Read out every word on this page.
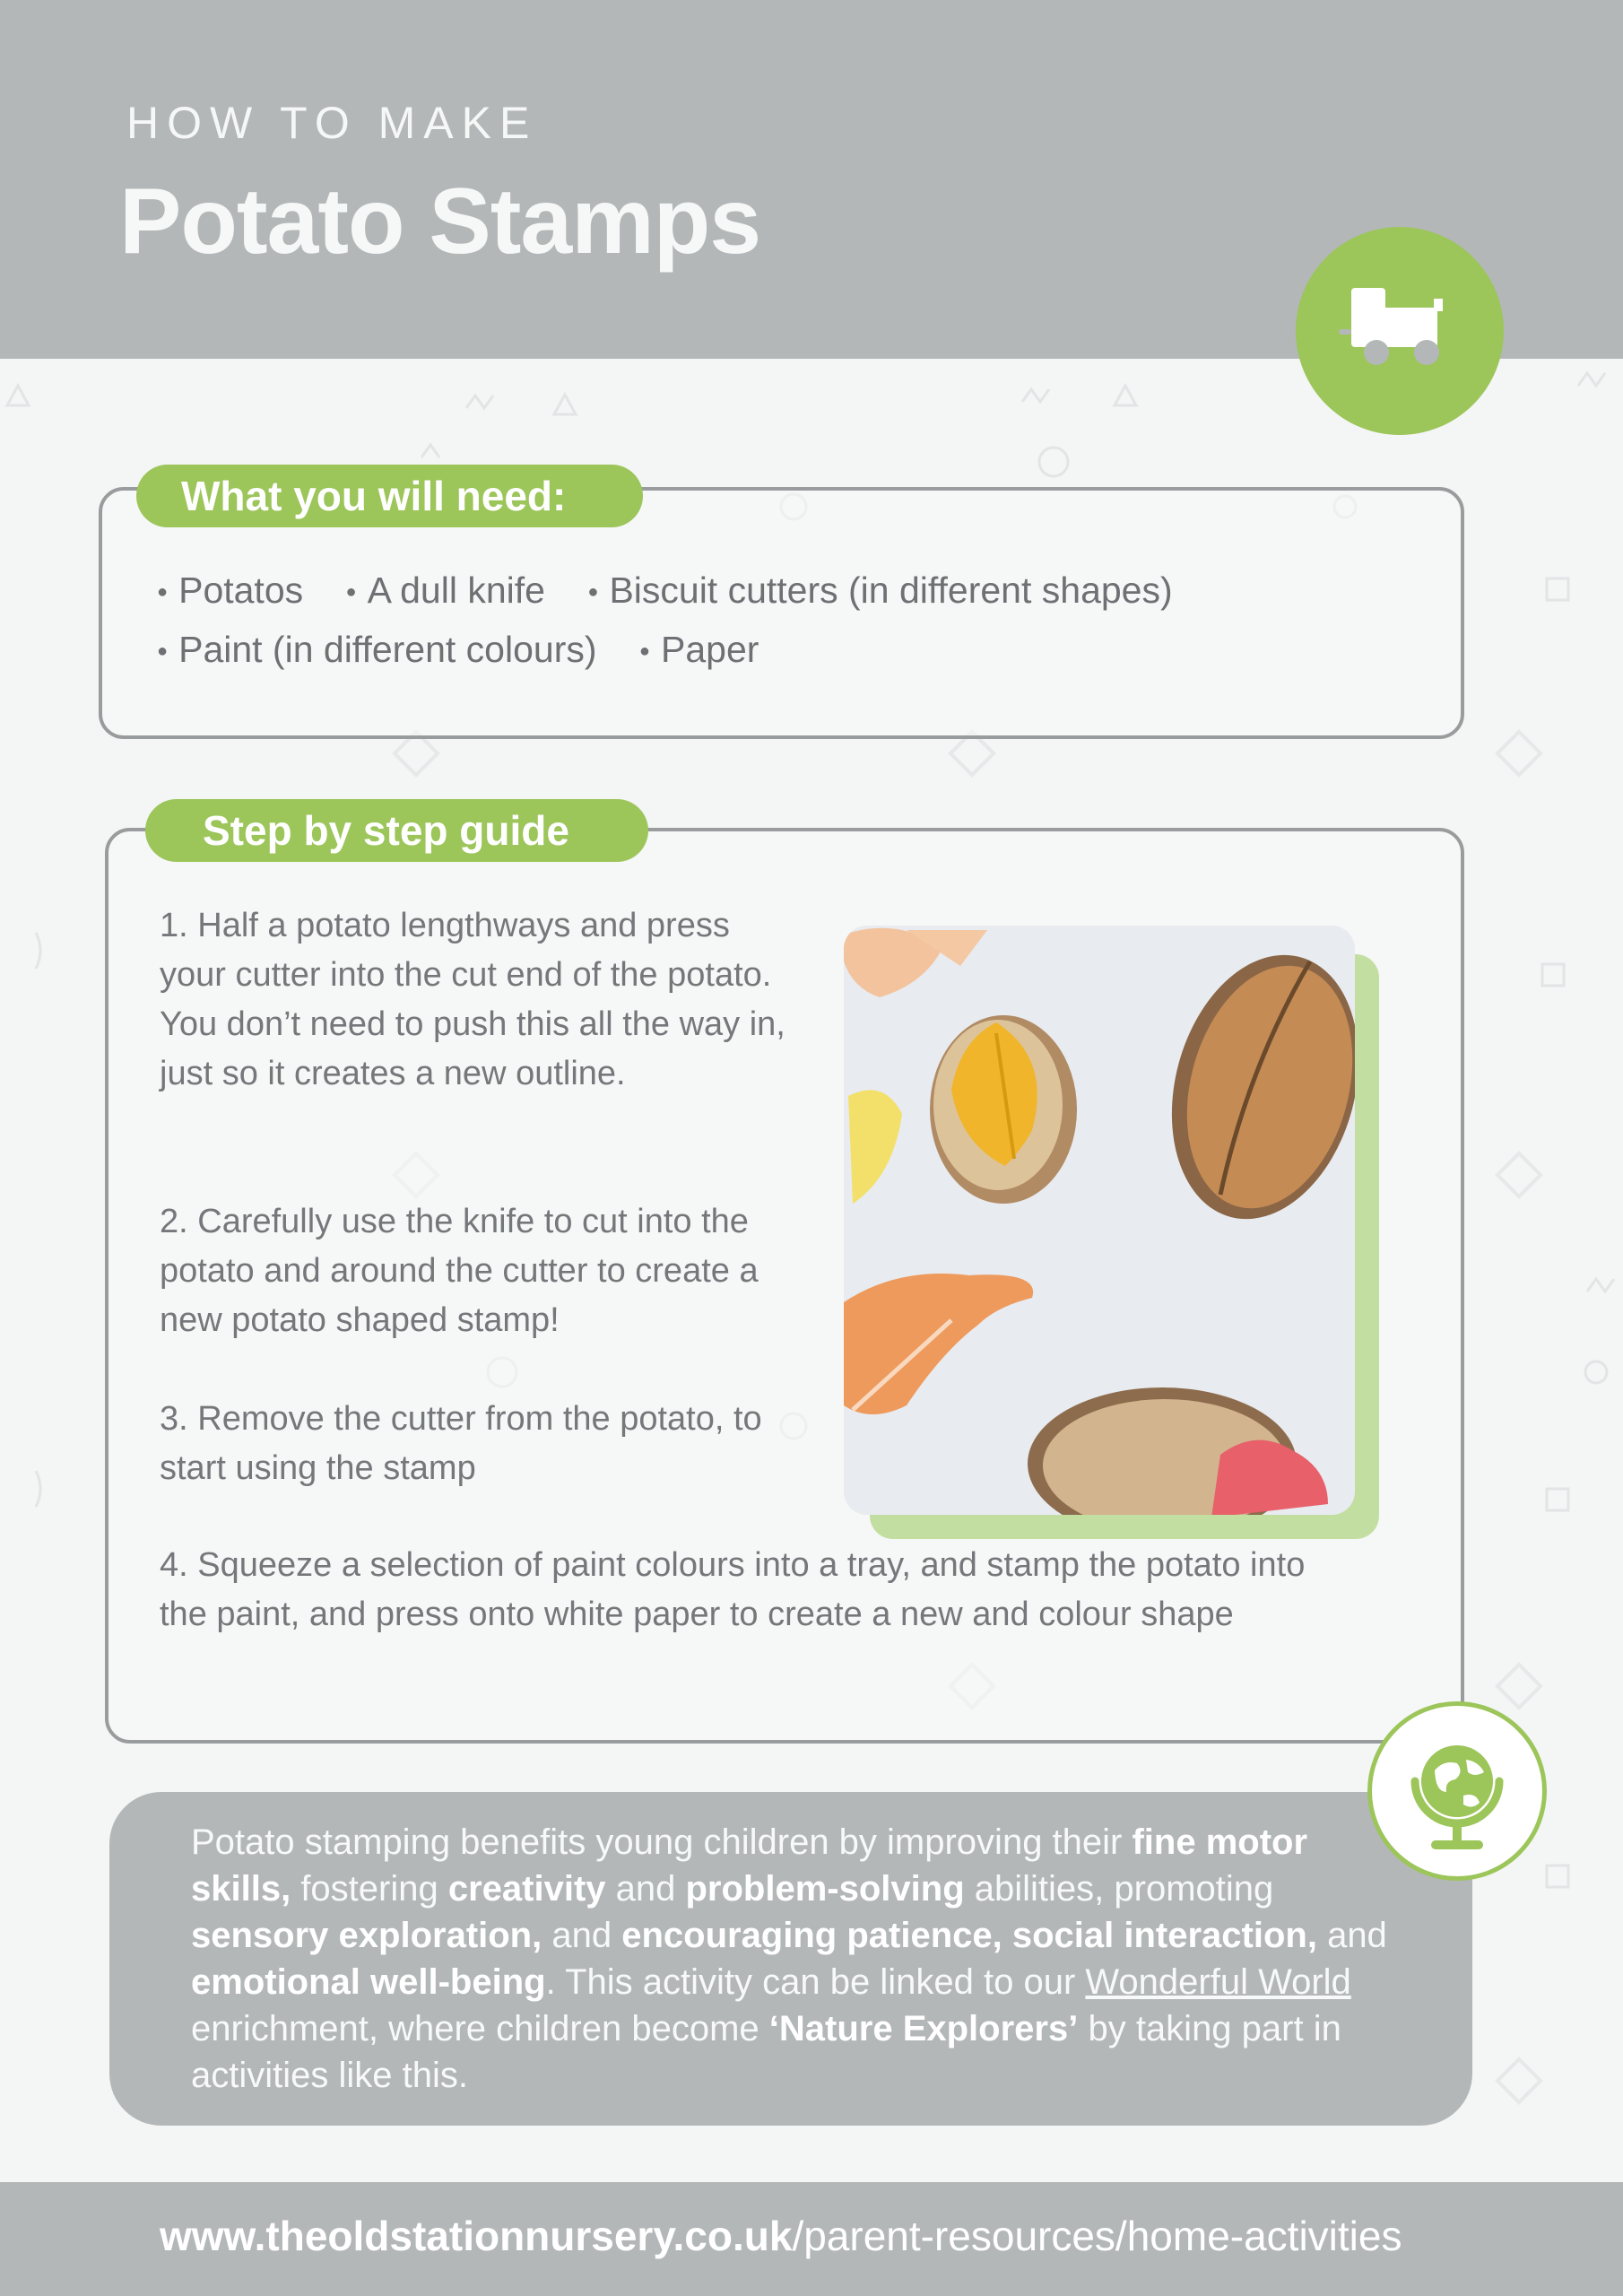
HOW TO MAKE
Potato Stamps
What you will need:
● Potatos ● A dull knife ● Biscuit cutters (in different shapes)
● Paint (in different colours) ● Paper
Step by step guide
1. Half a potato lengthways and press your cutter into the cut end of the potato. You don’t need to push this all the way in, just so it creates a new outline.
2. Carefully use the knife to cut into the potato and around the cutter to create a new potato shaped stamp!
3. Remove the cutter from the potato, to start using the stamp
4. Squeeze a selection of paint colours into a tray, and stamp the potato into the paint, and press onto white paper to create a new and colour shape
Potato stamping benefits young children by improving their fine motor skills, fostering creativity and problem-solving abilities, promoting sensory exploration, and encouraging patience, social interaction, and emotional well-being. This activity can be linked to our Wonderful World enrichment, where children become ‘Nature Explorers’ by taking part in activities like this.
www.theoldstationnursery.co.uk/parent-resources/home-activities
